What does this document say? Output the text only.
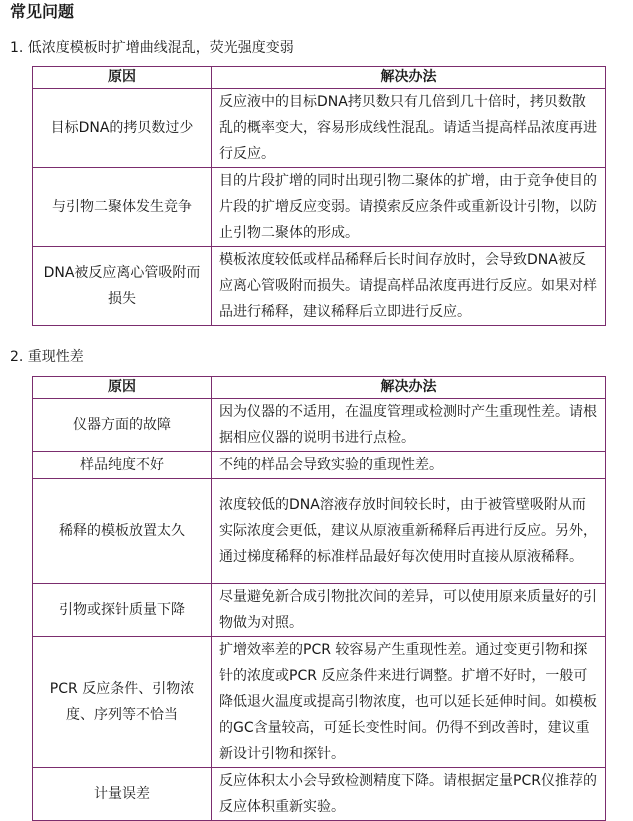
常见问题

1. 低浓度模板时扩增曲线混乱，荧光强度变弱

原因	解决办法
目标DNA的拷贝数过少	反应液中的目标DNA拷贝数只有几倍到几十倍时，拷贝数散乱的概率变大，容易形成线性混乱。请适当提高样品浓度再进行反应。
与引物二聚体发生竞争	目的片段扩增的同时出现引物二聚体的扩增，由于竞争使目的片段的扩增反应变弱。请摸索反应条件或重新设计引物，以防止引物二聚体的形成。
DNA被反应离心管吸附而损失	模板浓度较低或样品稀释后长时间存放时，会导致DNA被反应离心管吸附而损失。请提高样品浓度再进行反应。如果对样品进行稀释，建议稀释后立即进行反应。

2. 重现性差

原因	解决办法
仪器方面的故障	因为仪器的不适用，在温度管理或检测时产生重现性差。请根据相应仪器的说明书进行点检。
样品纯度不好	不纯的样品会导致实验的重现性差。
稀释的模板放置太久	浓度较低的DNA溶液存放时间较长时，由于被管壁吸附从而实际浓度会更低，建议从原液重新稀释后再进行反应。另外，通过梯度稀释的标准样品最好每次使用时直接从原液稀释。
引物或探针质量下降	尽量避免新合成引物批次间的差异，可以使用原来质量好的引物做为对照。
PCR 反应条件、引物浓度、序列等不恰当	扩增效率差的PCR 较容易产生重现性差。通过变更引物和探针的浓度或PCR 反应条件来进行调整。扩增不好时，一般可降低退火温度或提高引物浓度，也可以延长延伸时间。如模板的GC含量较高，可延长变性时间。仍得不到改善时，建议重新设计引物和探针。
计量误差	反应体积太小会导致检测精度下降。请根据定量PCR仪推荐的反应体积重新实验。
